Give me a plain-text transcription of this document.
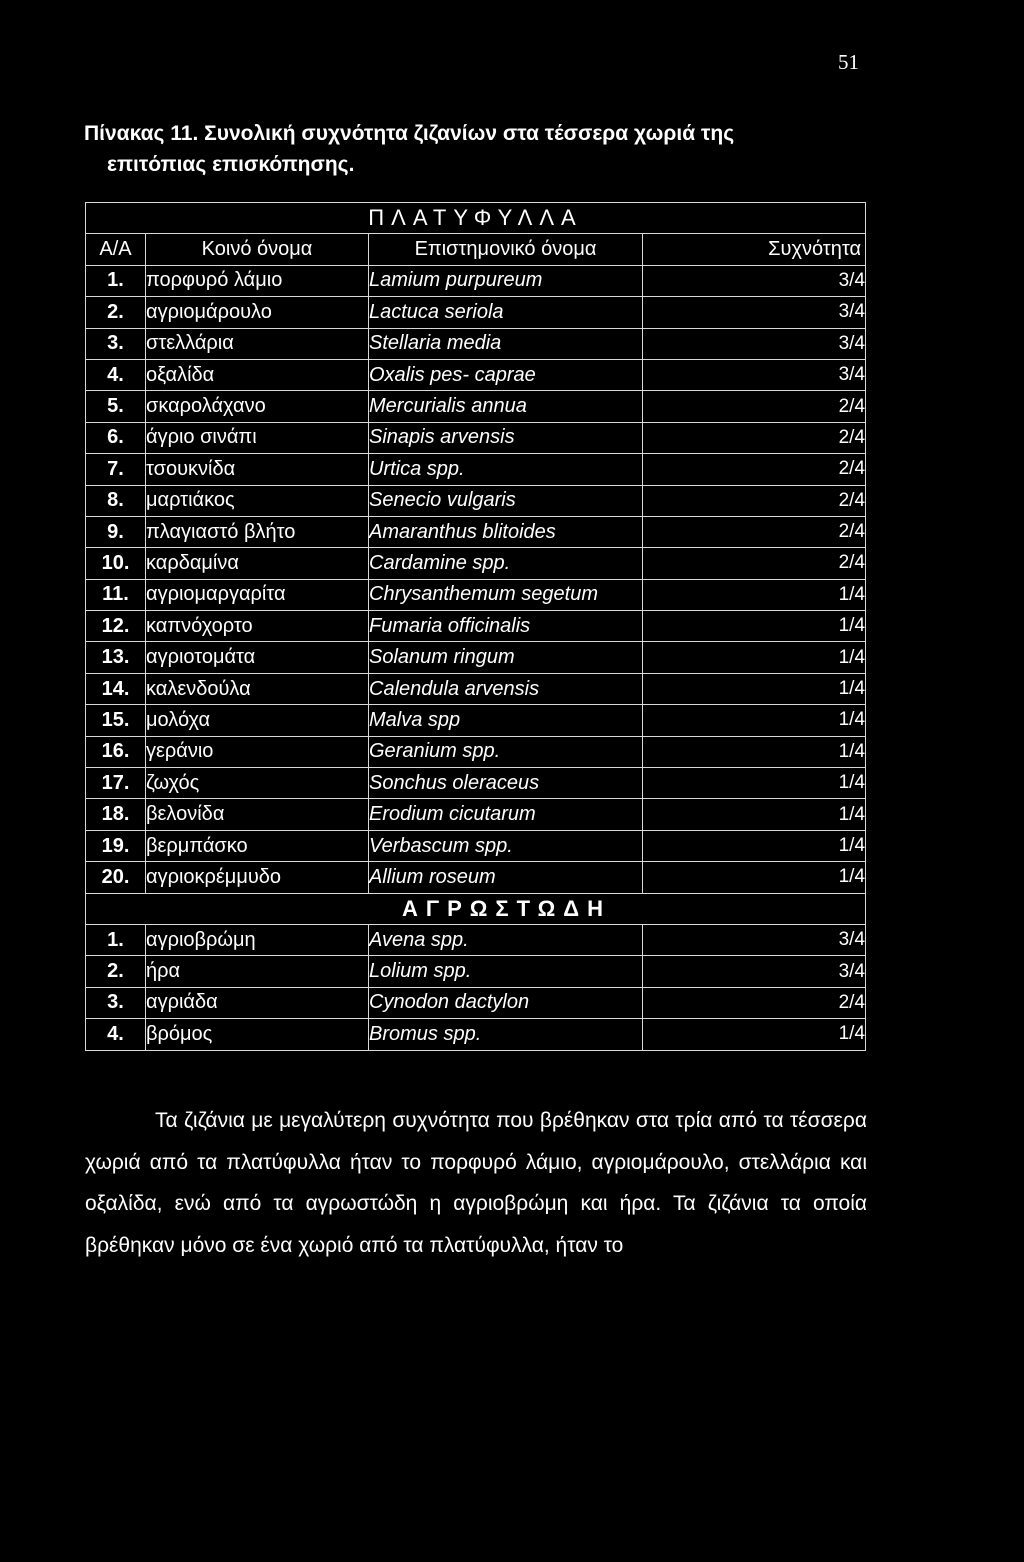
51
Πίνακας 11. Συνολική συχνότητα ζιζανίων στα τέσσερα χωριά της
επιτόπιας επισκόπησης.
ΠΛΑΤΥΦΥΛΛΑ			
Α/Α	Κοινό όνομα	Επιστημονικό όνομα	Συχνότητα
1.	πορφυρό λάμιο	Lamium purpureum	3/4
2.	αγριομάρουλο	Lactuca seriola	3/4
3.	στελλάρια	Stellaria media	3/4
4.	οξαλίδα	Oxalis pes- caprae	3/4
5.	σκαρολάχανο	Mercurialis annua	2/4
6.	άγριο σινάπι	Sinapis arvensis	2/4
7.	τσουκνίδα	Urtica spp.	2/4
8.	μαρτιάκος	Senecio vulgaris	2/4
9.	πλαγιαστό βλήτο	Amaranthus blitoides	2/4
10.	καρδαμίνα	Cardamine spp.	2/4
11.	αγριομαργαρίτα	Chrysanthemum segetum	1/4
12.	καπνόχορτο	Fumaria officinalis	1/4
13.	αγριοτομάτα	Solanum ringum	1/4
14.	καλενδούλα	Calendula arvensis	1/4
15.	μολόχα	Malva spp	1/4
16.	γεράνιο	Geranium spp.	1/4
17.	ζωχός	Sonchus oleraceus	1/4
18.	βελονίδα	Erodium cicutarum	1/4
19.	βερμπάσκο	Verbascum spp.	1/4
20.	αγριοκρέμμυδο	Allium roseum	1/4
ΑΓΡΩΣΤΩΔΗ			
1.	αγριοβρώμη	Avena spp.	3/4
2.	ήρα	Lolium spp.	3/4
3.	αγριάδα	Cynodon dactylon	2/4
4.	βρόμος	Bromus spp.	1/4

Τα ζιζάνια με μεγαλύτερη συχνότητα που βρέθηκαν στα τρία από τα τέσσερα χωριά από τα πλατύφυλλα ήταν το πορφυρό λάμιο, αγριομάρουλο, στελλάρια και οξαλίδα, ενώ από τα αγρωστώδη η αγριοβρώμη και ήρα. Τα ζιζάνια τα οποία βρέθηκαν μόνο σε ένα χωριό από τα πλατύφυλλα, ήταν το
